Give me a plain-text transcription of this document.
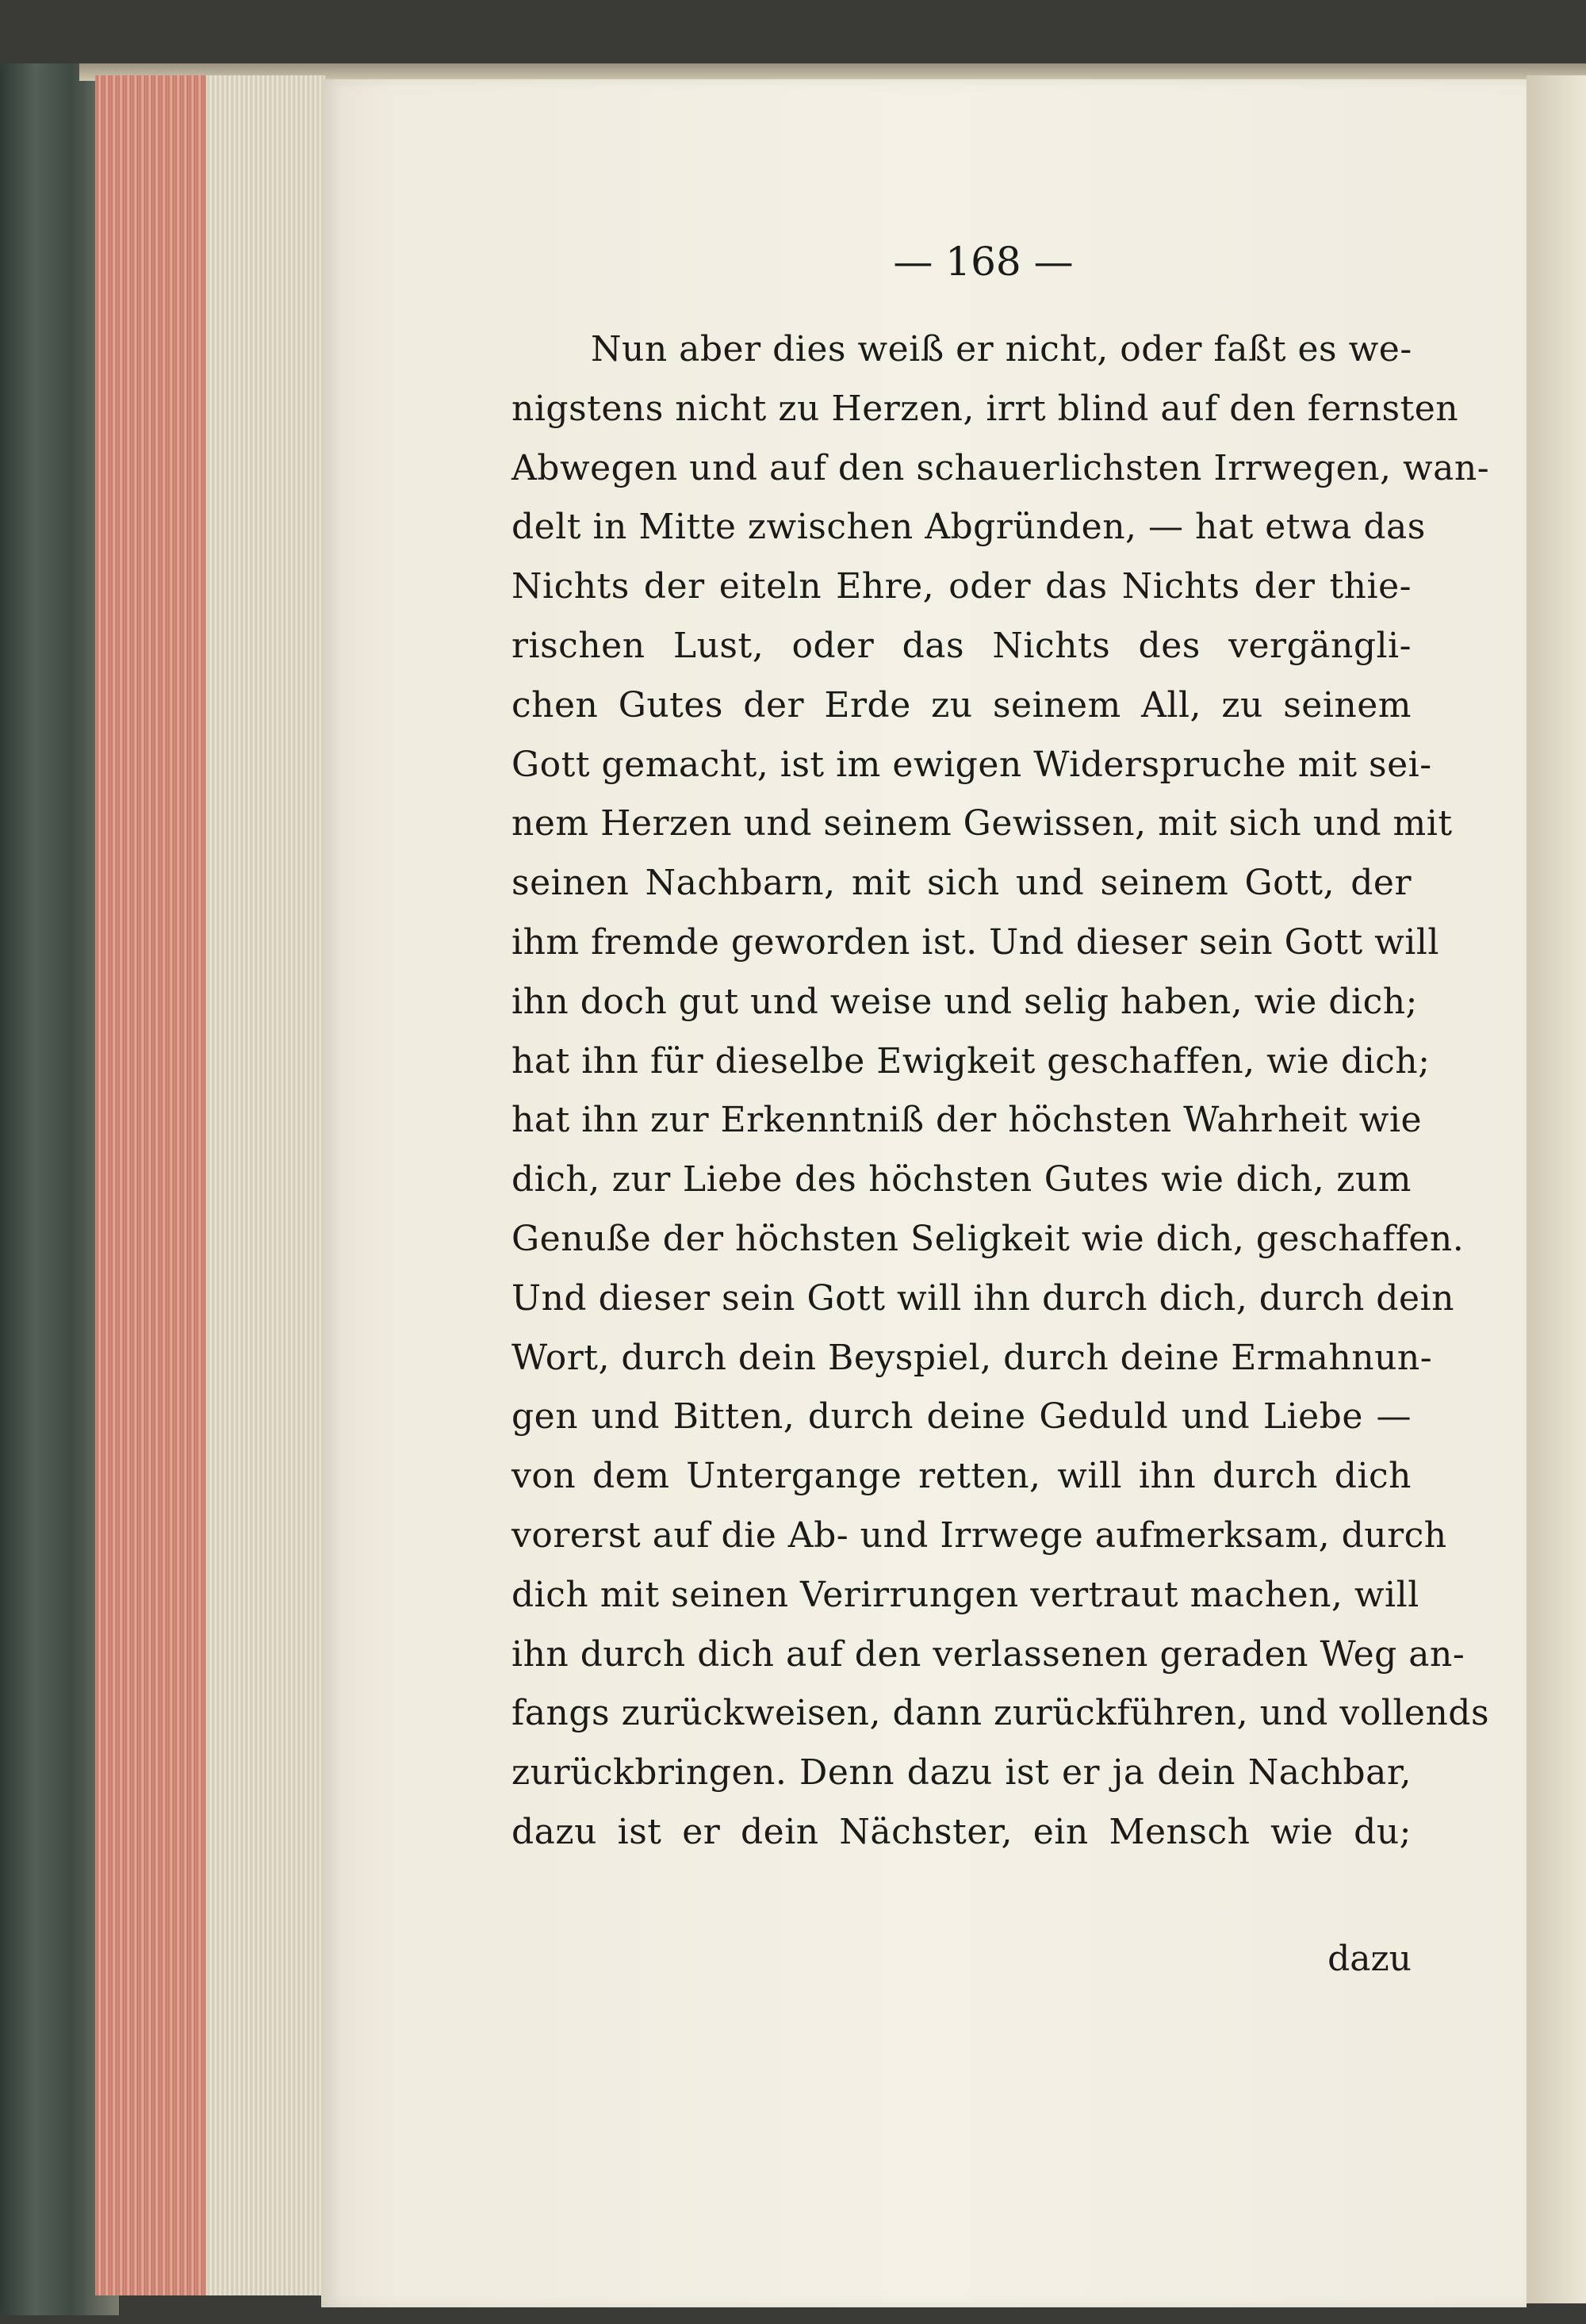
— 168 —
Nun aber dies weiß er nicht, oder faßt es we-
nigstens nicht zu Herzen, irrt blind auf den fernsten
Abwegen und auf den schauerlichsten Irrwegen, wan-
delt in Mitte zwischen Abgründen, — hat etwa das
Nichts der eiteln Ehre, oder das Nichts der thie-
rischen Lust, oder das Nichts des vergängli-
chen Gutes der Erde zu seinem All, zu seinem
Gott gemacht, ist im ewigen Widerspruche mit sei-
nem Herzen und seinem Gewissen, mit sich und mit
seinen Nachbarn, mit sich und seinem Gott, der
ihm fremde geworden ist. Und dieser sein Gott will
ihn doch gut und weise und selig haben, wie dich;
hat ihn für dieselbe Ewigkeit geschaffen, wie dich;
hat ihn zur Erkenntniß der höchsten Wahrheit wie
dich, zur Liebe des höchsten Gutes wie dich, zum
Genuße der höchsten Seligkeit wie dich, geschaffen.
Und dieser sein Gott will ihn durch dich, durch dein
Wort, durch dein Beyspiel, durch deine Ermahnun-
gen und Bitten, durch deine Geduld und Liebe —
von dem Untergange retten, will ihn durch dich
vorerst auf die Ab- und Irrwege aufmerksam, durch
dich mit seinen Verirrungen vertraut machen, will
ihn durch dich auf den verlassenen geraden Weg an-
fangs zurückweisen, dann zurückführen, und vollends
zurückbringen. Denn dazu ist er ja dein Nachbar,
dazu ist er dein Nächster, ein Mensch wie du;
dazu
